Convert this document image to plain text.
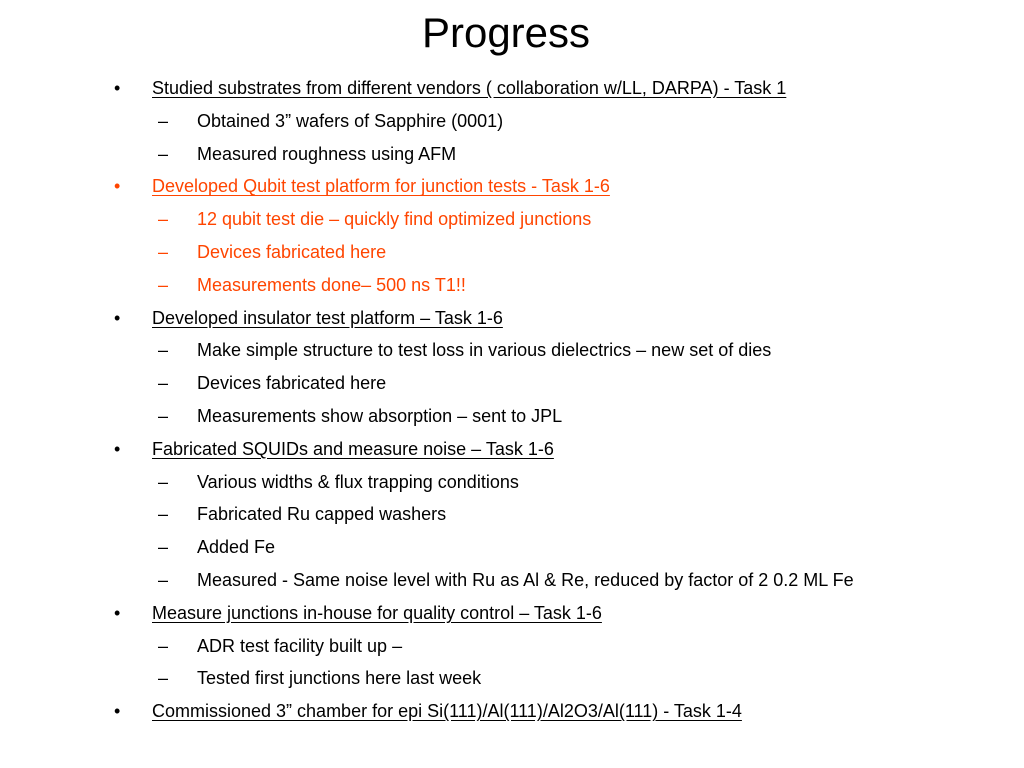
Progress
• Studied substrates from different vendors ( collaboration w/LL, DARPA) - Task 1
– Obtained 3” wafers of Sapphire (0001)
– Measured roughness using AFM
• Developed Qubit test platform for junction tests - Task 1-6
– 12 qubit test die – quickly find optimized junctions
– Devices fabricated here
– Measurements done– 500 ns T1!!
• Developed insulator test platform – Task 1-6
– Make simple structure to test loss in various dielectrics – new set of dies
– Devices fabricated here
– Measurements show absorption – sent to JPL
• Fabricated SQUIDs and measure noise – Task 1-6
– Various widths & flux trapping conditions
– Fabricated Ru capped washers
– Added Fe
– Measured - Same noise level with Ru as Al & Re, reduced by factor of 2 0.2 ML Fe
• Measure junctions in-house for quality control – Task 1-6
– ADR test facility built up –
– Tested first junctions here last week
• Commissioned 3” chamber for epi Si(111)/Al(111)/Al2O3/Al(111) - Task 1-4
